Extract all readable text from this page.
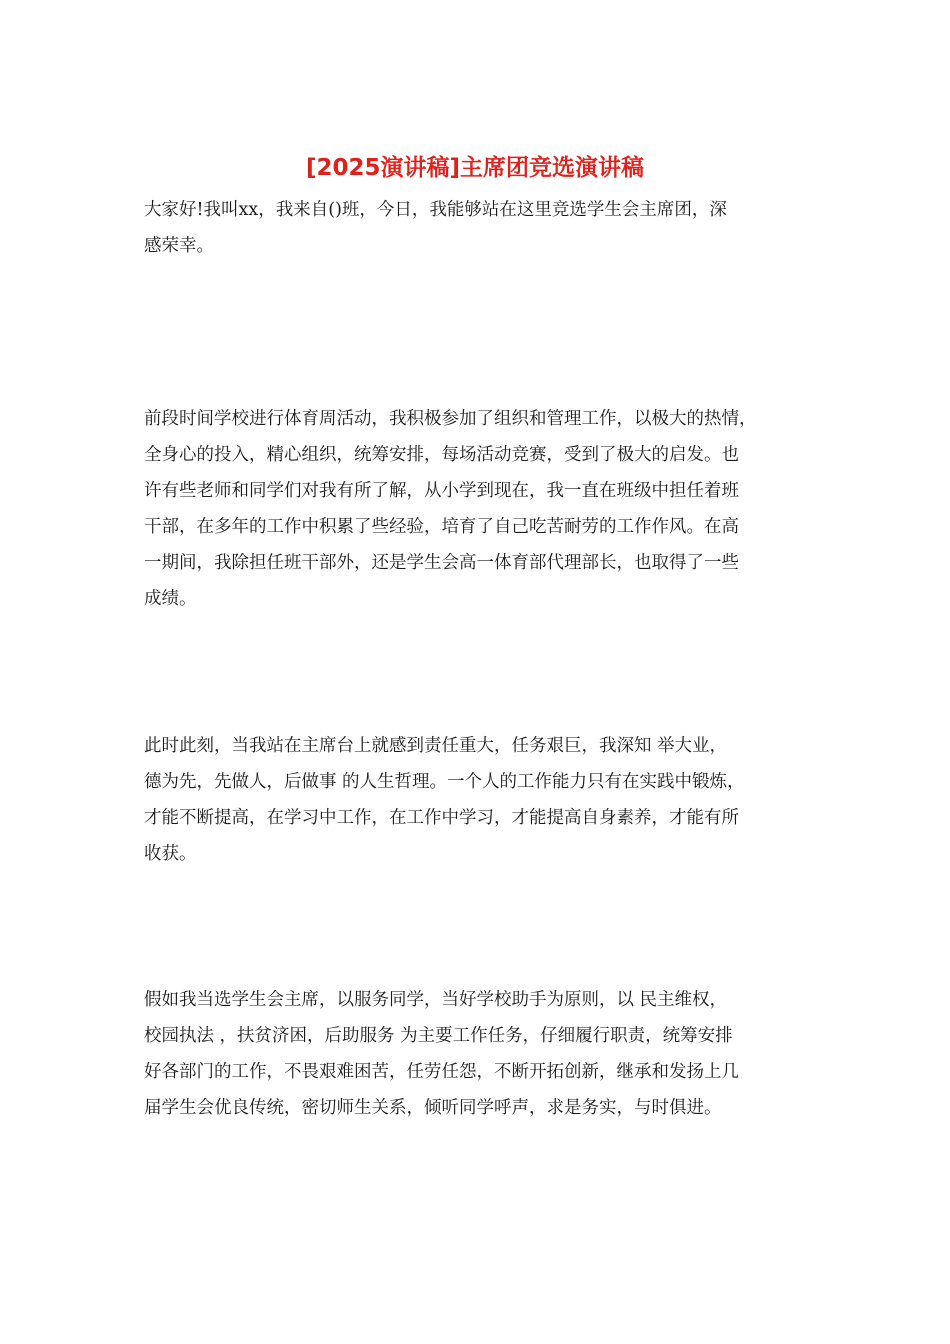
[2025演讲稿]主席团竞选演讲稿

大家好!我叫xx，我来自()班，今日，我能够站在这里竞选学生会主席团，深
感荣幸。

前段时间学校进行体育周活动，我积极参加了组织和管理工作，以极大的热情，
全身心的投入，精心组织，统筹安排，每场活动竞赛，受到了极大的启发。也
许有些老师和同学们对我有所了解，从小学到现在，我一直在班级中担任着班
干部，在多年的工作中积累了些经验，培育了自己吃苦耐劳的工作作风。在高
一期间，我除担任班干部外，还是学生会高一体育部代理部长，也取得了一些
成绩。

此时此刻，当我站在主席台上就感到责任重大，任务艰巨，我深知 举大业，
德为先，先做人，后做事 的人生哲理。一个人的工作能力只有在实践中锻炼，
才能不断提高，在学习中工作，在工作中学习，才能提高自身素养，才能有所
收获。

假如我当选学生会主席，以服务同学，当好学校助手为原则，以 民主维权，
校园执法 ，扶贫济困，后助服务 为主要工作任务，仔细履行职责，统筹安排
好各部门的工作，不畏艰难困苦，任劳任怨，不断开拓创新，继承和发扬上几
届学生会优良传统，密切师生关系，倾听同学呼声，求是务实，与时俱进。
